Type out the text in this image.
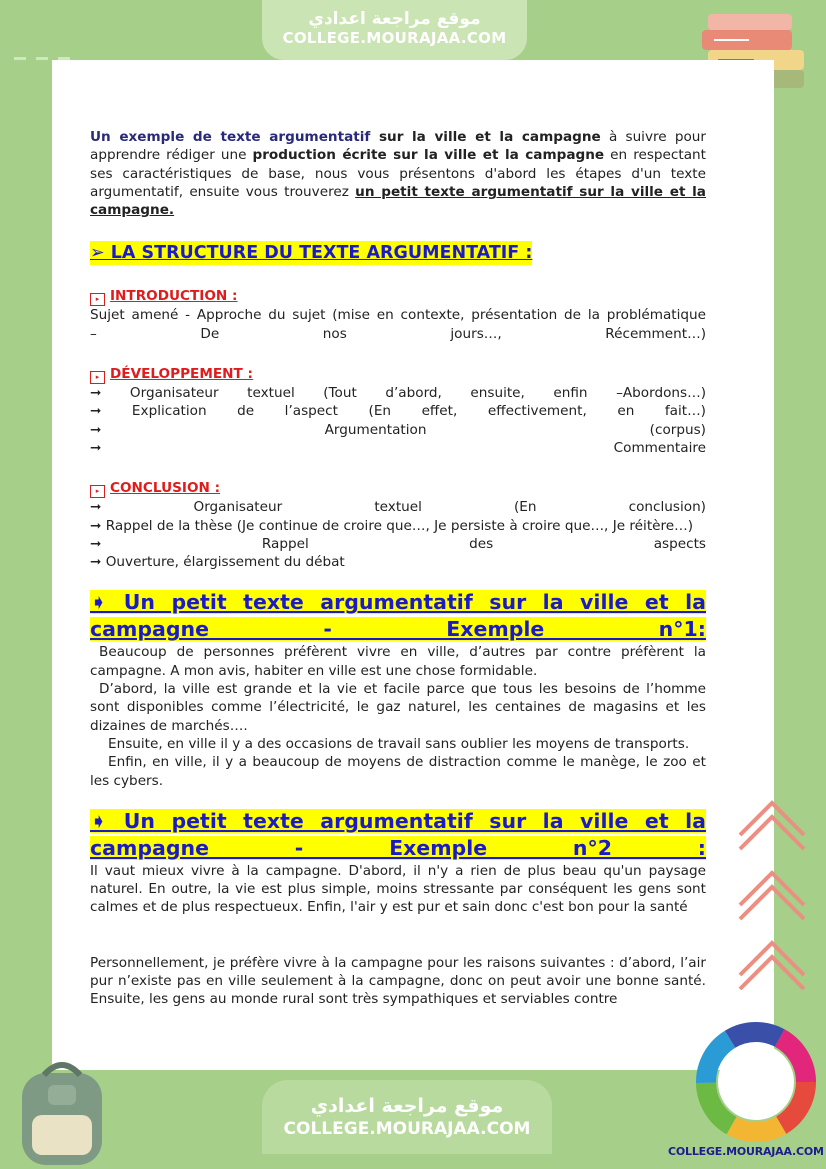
موقع مراجعة اعدادي
COLLEGE.MOURAJAA.COM

Un exemple de texte argumentatif sur la ville et la campagne à suivre pour apprendre rédiger une production écrite sur la ville et la campagne en respectant ses caractéristiques de base, nous vous présentons d'abord les étapes d'un texte argumentatif, ensuite vous trouverez un petit texte argumentatif sur la ville et la campagne.

➢ LA STRUCTURE DU TEXTE ARGUMENTATIF :
▸ INTRODUCTION :

Sujet amené - Approche du sujet (mise en contexte, présentation de la problématique

– De nos jours…, Récemment…)

▸ DÉVELOPPEMENT :

➞ Organisateur textuel (Tout d’abord, ensuite, enfin –Abordons…)

➞ Explication de l’aspect (En effet, effectivement, en fait…)

➞ Argumentation (corpus)

➞ Commentaire

▸ CONCLUSION :

➞ Organisateur textuel (En conclusion)

➞ Rappel de la thèse (Je continue de croire que…, Je persiste à croire que…, Je réitère…)

➞ Rappel des aspects

➞ Ouverture, élargissement du débat

➧ Un petit texte argumentatif sur la ville et la campagne - Exemple n°1:

Beaucoup de personnes préfèrent vivre en ville, d’autres par contre préfèrent la campagne. A mon avis, habiter en ville est une chose formidable.

D’abord, la ville est grande et la vie et facile parce que tous les besoins de l’homme sont disponibles comme l’électricité, le gaz naturel, les centaines de magasins et les dizaines de marchés….

Ensuite, en ville il y a des occasions de travail sans oublier les moyens de transports.

Enfin, en ville, il y a beaucoup de moyens de distraction comme le manège, le zoo et les cybers.

➧ Un petit texte argumentatif sur la ville et la campagne - Exemple n°2 :

Il vaut mieux vivre à la campagne. D'abord, il n'y a rien de plus beau qu'un paysage naturel. En outre, la vie est plus simple, moins stressante par conséquent les gens sont calmes et de plus respectueux. Enfin, l'air y est pur et sain donc c'est bon pour la santé

Personnellement, je préfère vivre à la campagne pour les raisons suivantes : d’abord, l’air pur n’existe pas en ville seulement à la campagne, donc on peut avoir une bonne santé. Ensuite, les gens au monde rural sont très sympathiques et serviables contre

موقع مراجعة اعدادي
COLLEGE.MOURAJAA.COM
COLLEGE.MOURAJAA.COM
